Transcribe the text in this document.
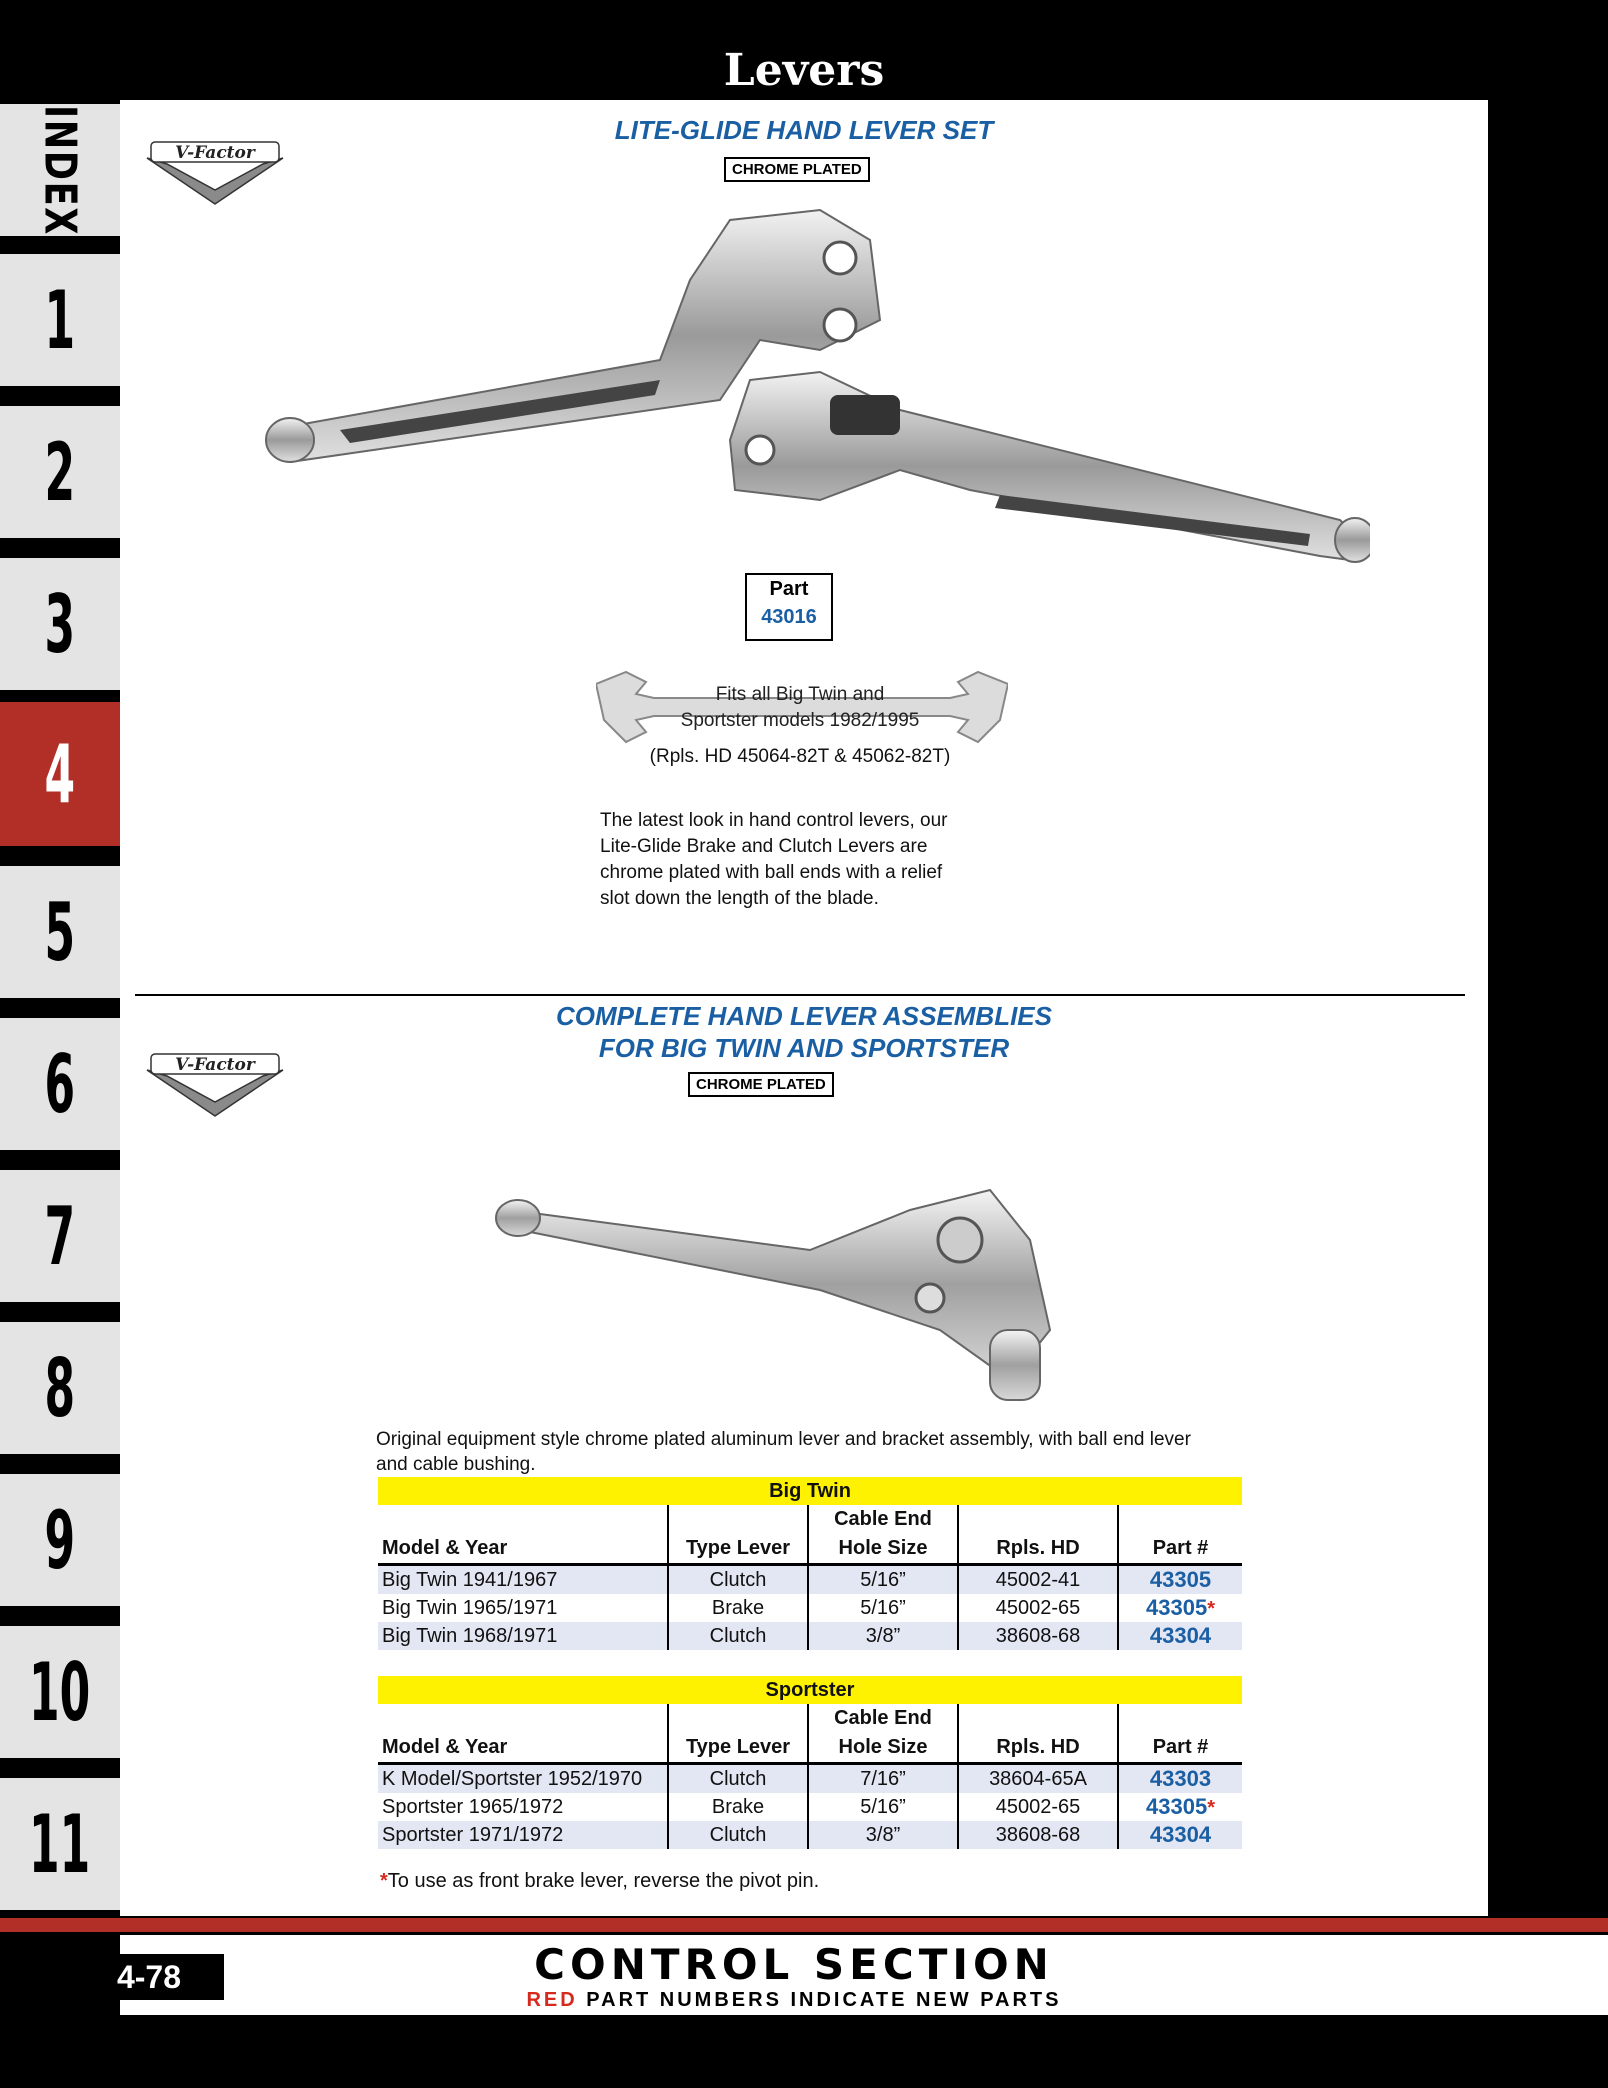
Levers
INDEX
1
2
3
4
5
6
7
8
9
10
11
V-Factor
LITE-GLIDE HAND LEVER SET
CHROME PLATED
Part
43016
Fits all Big Twin and
Sportster models 1982/1995
(Rpls. HD 45064-82T & 45062-82T)
The latest look in hand control levers, our
Lite-Glide Brake and Clutch Levers are
chrome plated with ball ends with a relief
slot down the length of the blade.
V-Factor
COMPLETE HAND LEVER ASSEMBLIES
FOR BIG TWIN AND SPORTSTER
CHROME PLATED
Original equipment style chrome plated aluminum lever and bracket assembly, with ball end lever
and cable bushing.
Big Twin				
		Cable End		
Model & Year	Type Lever	Hole Size	Rpls. HD	Part #
Big Twin 1941/1967	Clutch	5/16”	45002-41	43305
Big Twin 1965/1971	Brake	5/16”	45002-65	43305*
Big Twin 1968/1971	Clutch	3/8”	38608-68	43304
Sportster				
		Cable End		
Model & Year	Type Lever	Hole Size	Rpls. HD	Part #
K Model/Sportster 1952/1970	Clutch	7/16”	38604-65A	43303
Sportster 1965/1972	Brake	5/16”	45002-65	43305*
Sportster 1971/1972	Clutch	3/8”	38608-68	43304
*To use as front brake lever, reverse the pivot pin.
4-78	CONTROL SECTION
RED PART NUMBERS INDICATE NEW PARTS
